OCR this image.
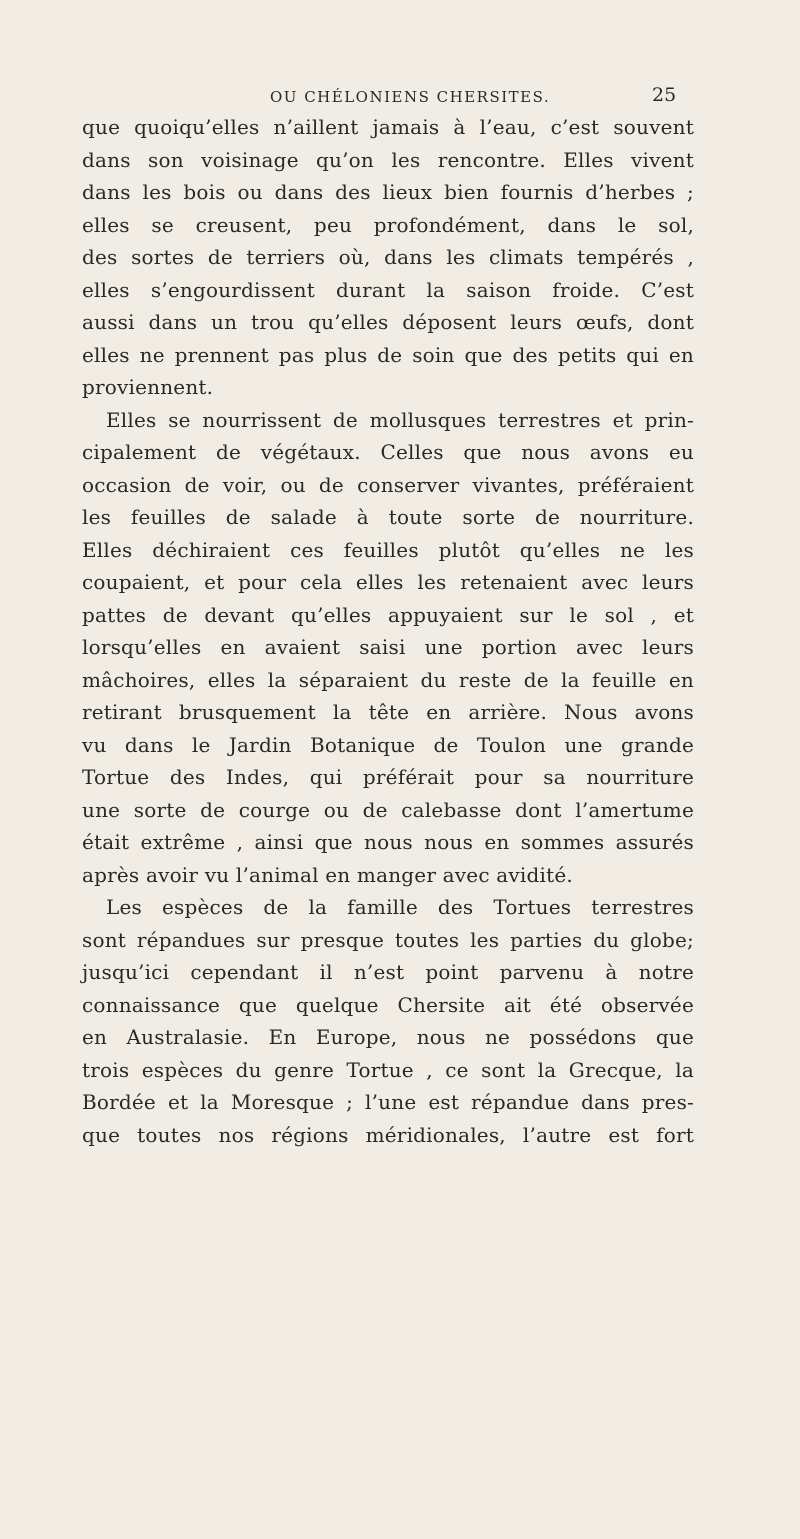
OU CHÉLONIENS CHERSITES.	25
que quoiqu’elles n’aillent jamais à l’eau, c’est souvent
dans son voisinage qu’on les rencontre. Elles vivent
dans les bois ou dans des lieux bien fournis d’herbes ;
elles se creusent, peu profondément, dans le sol,
des sortes de terriers où, dans les climats tempérés ,
elles s’engourdissent durant la saison froide. C’est
aussi dans un trou qu’elles déposent leurs œufs, dont
elles ne prennent pas plus de soin que des petits qui en
proviennent.
Elles se nourrissent de mollusques terrestres et prin-
cipalement de végétaux. Celles que nous avons eu
occasion de voir, ou de conserver vivantes, préféraient
les feuilles de salade à toute sorte de nourriture.
Elles déchiraient ces feuilles plutôt qu’elles ne les
coupaient, et pour cela elles les retenaient avec leurs
pattes de devant qu’elles appuyaient sur le sol , et
lorsqu’elles en avaient saisi une portion avec leurs
mâchoires, elles la séparaient du reste de la feuille en
retirant brusquement la tête en arrière. Nous avons
vu dans le Jardin Botanique de Toulon une grande
Tortue des Indes, qui préférait pour sa nourriture
une sorte de courge ou de calebasse dont l’amertume
était extrême , ainsi que nous nous en sommes assurés
après avoir vu l’animal en manger avec avidité.
Les espèces de la famille des Tortues terrestres
sont répandues sur presque toutes les parties du globe;
jusqu’ici cependant il n’est point parvenu à notre
connaissance que quelque Chersite ait été observée
en Australasie. En Europe, nous ne possédons que
trois espèces du genre Tortue , ce sont la Grecque, la
Bordée et la Moresque ; l’une est répandue dans pres-
que toutes nos régions méridionales, l’autre est fort
